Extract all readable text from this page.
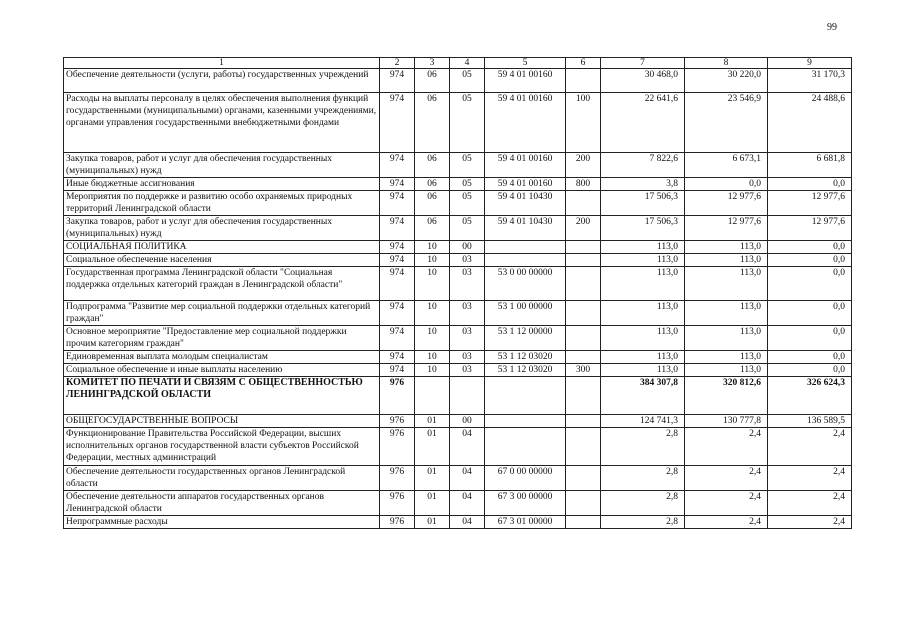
99
1	2	3	4	5	6	7	8	9
Обеспечение деятельности (услуги, работы) государственных учреждений	974	06	05	59 4 01 00160		30 468,0	30 220,0	31 170,3
Расходы на выплаты персоналу в целях обеспечения выполнения функций государственными (муниципальными) органами, казенными учреждениями, органами управления государственными внебюджетными фондами	974	06	05	59 4 01 00160	100	22 641,6	23 546,9	24 488,6
Закупка товаров, работ и услуг для обеспечения государственных (муниципальных) нужд	974	06	05	59 4 01 00160	200	7 822,6	6 673,1	6 681,8
Иные бюджетные ассигнования	974	06	05	59 4 01 00160	800	3,8	0,0	0,0
Мероприятия по поддержке и развитию особо охраняемых природных территорий Ленинградской области	974	06	05	59 4 01 10430		17 506,3	12 977,6	12 977,6
Закупка товаров, работ и услуг для обеспечения государственных (муниципальных) нужд	974	06	05	59 4 01 10430	200	17 506,3	12 977,6	12 977,6
СОЦИАЛЬНАЯ ПОЛИТИКА	974	10	00			113,0	113,0	0,0
Социальное обеспечение населения	974	10	03			113,0	113,0	0,0
Государственная программа Ленинградской области "Социальная поддержка отдельных категорий граждан в Ленинградской области"	974	10	03	53 0 00 00000		113,0	113,0	0,0
Подпрограмма "Развитие мер социальной поддержки отдельных категорий граждан"	974	10	03	53 1 00 00000		113,0	113,0	0,0
Основное мероприятие "Предоставление мер социальной поддержки прочим категориям граждан"	974	10	03	53 1 12 00000		113,0	113,0	0,0
Единовременная выплата молодым специалистам	974	10	03	53 1 12 03020		113,0	113,0	0,0
Социальное обеспечение и иные выплаты населению	974	10	03	53 1 12 03020	300	113,0	113,0	0,0
КОМИТЕТ ПО ПЕЧАТИ И СВЯЗЯМ С ОБЩЕСТВЕННОСТЬЮ ЛЕНИНГРАДСКОЙ ОБЛАСТИ	976					384 307,8	320 812,6	326 624,3
ОБЩЕГОСУДАРСТВЕННЫЕ ВОПРОСЫ	976	01	00			124 741,3	130 777,8	136 589,5
Функционирование Правительства Российской Федерации, высших исполнительных органов государственной власти субъектов Российской Федерации, местных администраций	976	01	04			2,8	2,4	2,4
Обеспечение деятельности государственных органов Ленинградской области	976	01	04	67 0 00 00000		2,8	2,4	2,4
Обеспечение деятельности аппаратов государственных органов Ленинградской области	976	01	04	67 3 00 00000		2,8	2,4	2,4
Непрограммные расходы	976	01	04	67 3 01 00000		2,8	2,4	2,4
